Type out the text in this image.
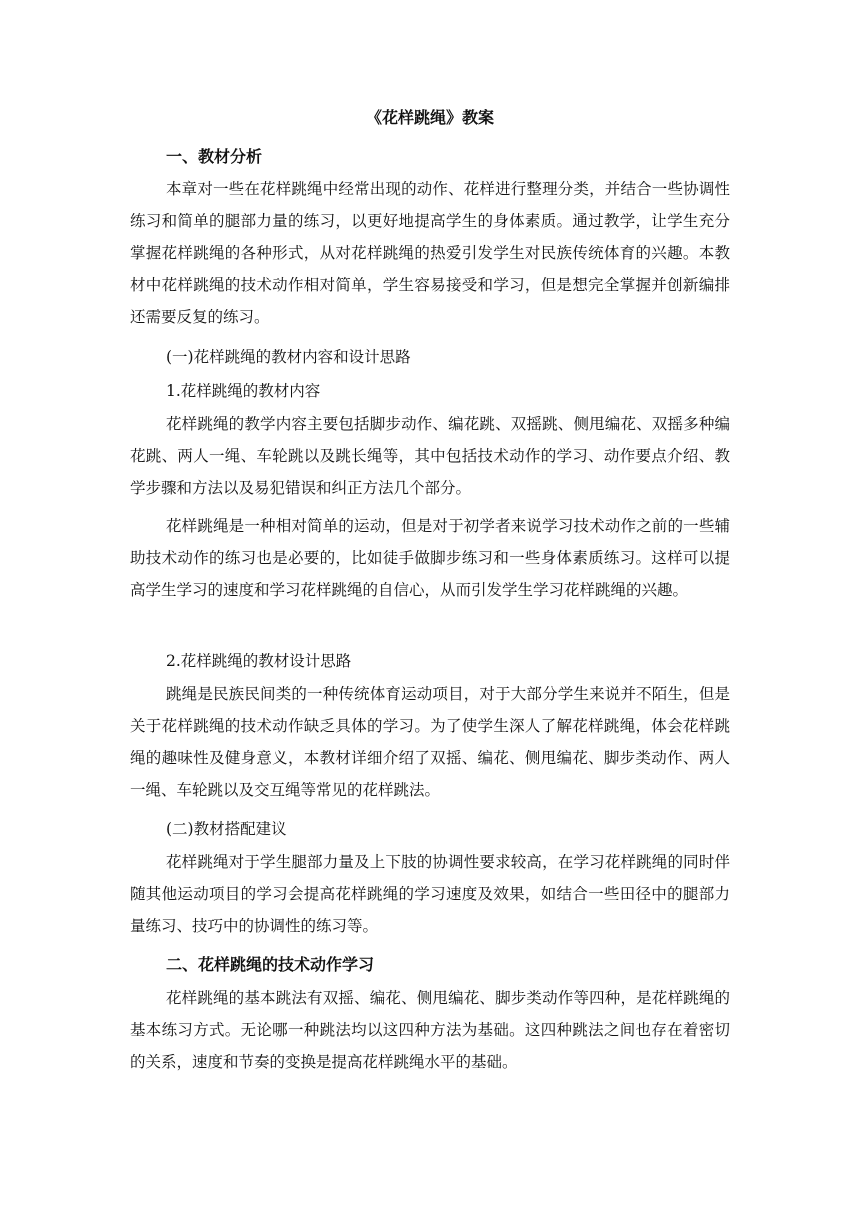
《花样跳绳》教案
一、教材分析

本章对一些在花样跳绳中经常出现的动作、花样进行整理分类，并结合一些协调性练习和简单的腿部力量的练习，以更好地提高学生的身体素质。通过教学，让学生充分掌握花样跳绳的各种形式，从对花样跳绳的热爱引发学生对民族传统体育的兴趣。本教材中花样跳绳的技术动作相对简单，学生容易接受和学习，但是想完全掌握并创新编排还需要反复的练习。

(一)花样跳绳的教材内容和设计思路
1.花样跳绳的教材内容

花样跳绳的教学内容主要包括脚步动作、编花跳、双摇跳、侧甩编花、双摇多种编花跳、两人一绳、车轮跳以及跳长绳等，其中包括技术动作的学习、动作要点介绍、教学步骤和方法以及易犯错误和纠正方法几个部分。

花样跳绳是一种相对简单的运动，但是对于初学者来说学习技术动作之前的一些辅助技术动作的练习也是必要的，比如徒手做脚步练习和一些身体素质练习。这样可以提高学生学习的速度和学习花样跳绳的自信心，从而引发学生学习花样跳绳的兴趣。

2.花样跳绳的教材设计思路

跳绳是民族民间类的一种传统体育运动项目，对于大部分学生来说并不陌生，但是关于花样跳绳的技术动作缺乏具体的学习。为了使学生深人了解花样跳绳，体会花样跳绳的趣味性及健身意义，本教材详细介绍了双摇、编花、侧甩编花、脚步类动作、两人一绳、车轮跳以及交互绳等常见的花样跳法。

(二)教材搭配建议

花样跳绳对于学生腿部力量及上下肢的协调性要求较高，在学习花样跳绳的同时伴随其他运动项目的学习会提高花样跳绳的学习速度及效果，如结合一些田径中的腿部力量练习、技巧中的协调性的练习等。

二、花样跳绳的技术动作学习

花样跳绳的基本跳法有双摇、编花、侧甩编花、脚步类动作等四种，是花样跳绳的基本练习方式。无论哪一种跳法均以这四种方法为基础。这四种跳法之间也存在着密切的关系，速度和节奏的变换是提高花样跳绳水平的基础。
